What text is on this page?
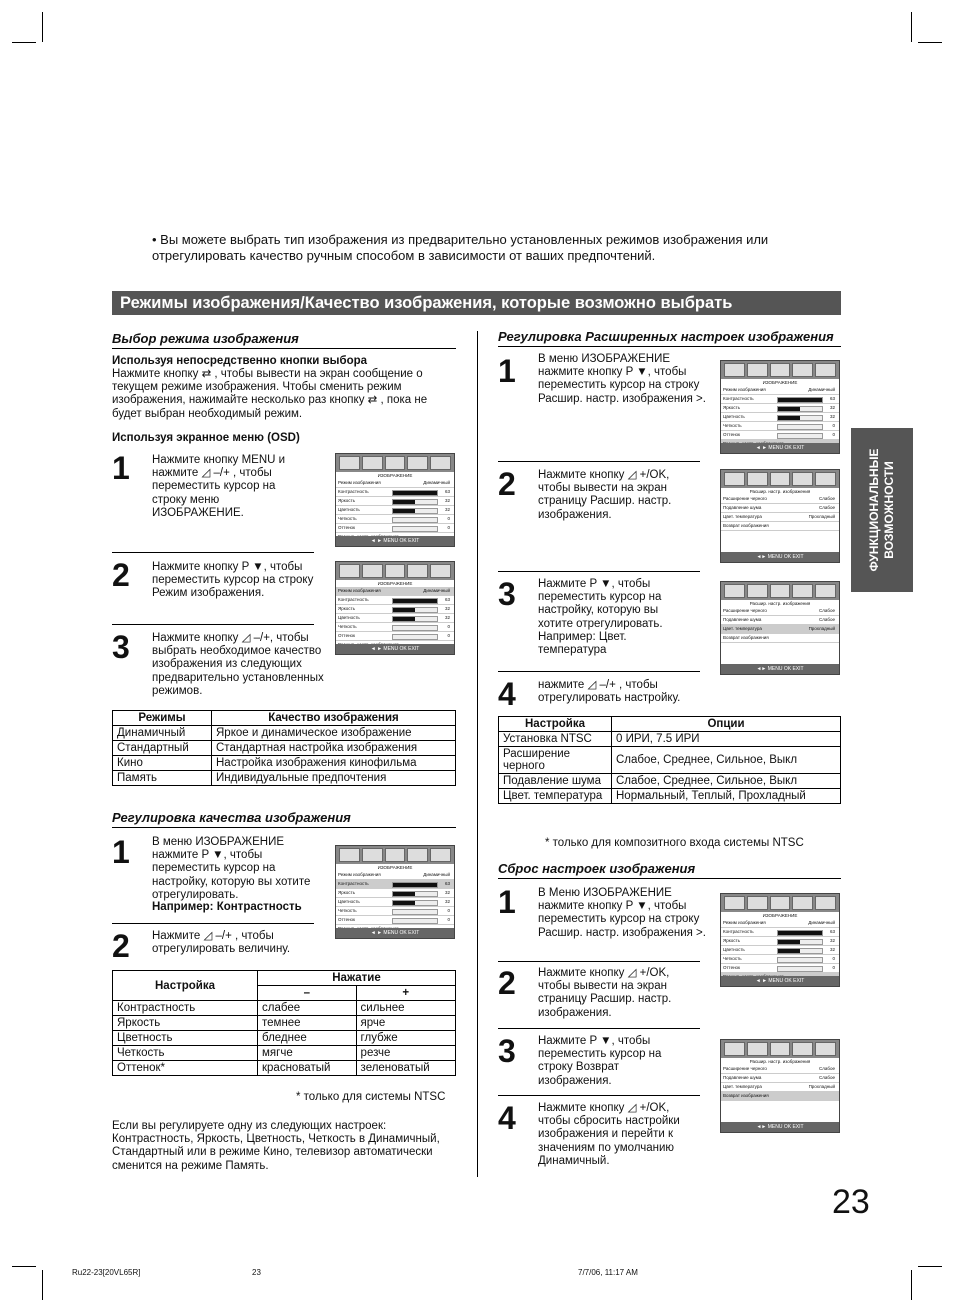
• Вы можете выбрать тип изображения из предварительно установленных режимов изображения или отрегулировать качество ручным способом в зависимости от ваших предпочтений.
Режимы изображения/Качество изображения, которые возможно выбрать
ФУНКЦИОНАЛЬНЫЕ
ВОЗМОЖНОСТИ
Выбор режима изображения
Используя непосредственно кнопки выбора
Нажмите кнопку ⇄ , чтобы вывести на экран сообщение о текущем режиме изображения. Чтобы сменить режим изображения, нажимайте несколько раз кнопку ⇄ , пока не будет выбран необходимый режим.
Используя экранное меню (OSD)
1 Нажмите кнопку MENU и нажмите ◿ –/+ , чтобы переместить курсор на строку меню ИЗОБРАЖЕНИЕ.
2 Нажмите кнопку P ▼, чтобы переместить курсор на строку Режим изображения.
3 Нажмите кнопку ◿ –/+, чтобы выбрать необходимое качество изображения из следующих предварительно установленных режимов.
ИЗОБРАЖЕНИЕ
Режим изображения	Динамичный
Контрастность	63
Яркость	32
Цветность	32
Четкость	0
Оттенок	0
◄ ► MENU OK EXIT
ИЗОБРАЖЕНИЕ
Режим изображения	Динамичный
Контрастность	63
Яркость	32
Цветность	32
Четкость	0
Оттенок	0
◄ ► MENU OK EXIT
Режимы	Качество изображения
Динамичный	Яркое и динамическое изображение
Стандартный	Стандартная настройка изображения
Кино	Настройка изображения кинофильма
Память	Индивидуальные предпочтения
Регулировка качества изображения
1 В меню ИЗОБРАЖЕНИЕ нажмите P ▼, чтобы переместить курсор на настройку, которую вы хотите отрегулировать.
Например: Контрастность
2 Нажмите ◿ –/+ , чтобы отрегулировать величину.
ИЗОБРАЖЕНИЕ
Режим изображения	Динамичный
Контрастность	63
Яркость	32
Цветность	32
Четкость	0
Оттенок	0
◄ ► MENU OK EXIT
Настройка	Нажатие	
	–	+
Контрастность	слабее	сильнее
Яркость	темнее	ярче
Цветность	бледнее	глубже
Четкость	мягче	резче
Оттенок*	красноватый	зеленоватый
* только для системы NTSC
Если вы регулируете одну из следующих настроек: Контрастность, Яркость, Цветность, Четкость в Динамичный, Стандартный или в режиме Кино, телевизор автоматически сменится на режиме Память.
Регулировка Расширенных настроек изображения
1 В меню ИЗОБРАЖЕНИЕ нажмите кнопку P ▼, чтобы переместить курсор на строку Расшир. настр. изображения >.
2 Нажмите кнопку ◿ +/OK, чтобы вывести на экран страницу Расшир. настр. изображения.
3 Нажмите P ▼, чтобы переместить курсор на настройку, которую вы хотите отрегулировать. Например: Цвет. температура
4 нажмите ◿ –/+ , чтобы отрегулировать настройку.
ИЗОБРАЖЕНИЕ
Режим изображения	Динамичный
Контрастность	63
Яркость	32
Цветность	32
Четкость	0
Оттенок	0
◄ ► MENU OK EXIT
Расшир. настр. изображения
Расширение черного	Слабое
Подавление шума	Слабое
Цвет. температура	Прохладный
Возврат изображения
◄► MENU OK EXIT
Расшир. настр. изображения
Расширение черного	Слабое
Подавление шума	Слабое
Цвет. температура	Прохладный
Возврат изображения
◄► MENU OK EXIT
Настройка	Опции
Установка NTSC	0 ИРИ, 7.5 ИРИ
Расширение черного	Слабое, Среднее, Сильное, Выкл
Подавление шума	Слабое, Среднее, Сильное, Выкл
Цвет. температура	Нормальный, Теплый, Прохладный
* только для композитного входа системы NTSC
Сброс настроек изображения
1 В Меню ИЗОБРАЖЕНИЕ нажмите кнопку P ▼, чтобы переместить курсор на строку Расшир. настр. изображения >.
2 Нажмите кнопку ◿ +/OK, чтобы вывести на экран страницу Расшир. настр. изображения.
3 Нажмите P ▼, чтобы переместить курсор на строку Возврат изображения.
4 Нажмите кнопку ◿ +/OK, чтобы сбросить настройки изображения и перейти к значениям по умолчанию Динамичный.
ИЗОБРАЖЕНИЕ
Режим изображения	Динамичный
Контрастность	63
Яркость	32
Цветность	32
Четкость	0
Оттенок	0
◄ ► MENU OK EXIT
Расшир. настр. изображения
Расширение черного	Слабое
Подавление шума	Слабое
Цвет. температура	Прохладный
Возврат изображения
◄► MENU OK EXIT
23
Ru22-23[20VL65R]	23	7/7/06, 11:17 AM
